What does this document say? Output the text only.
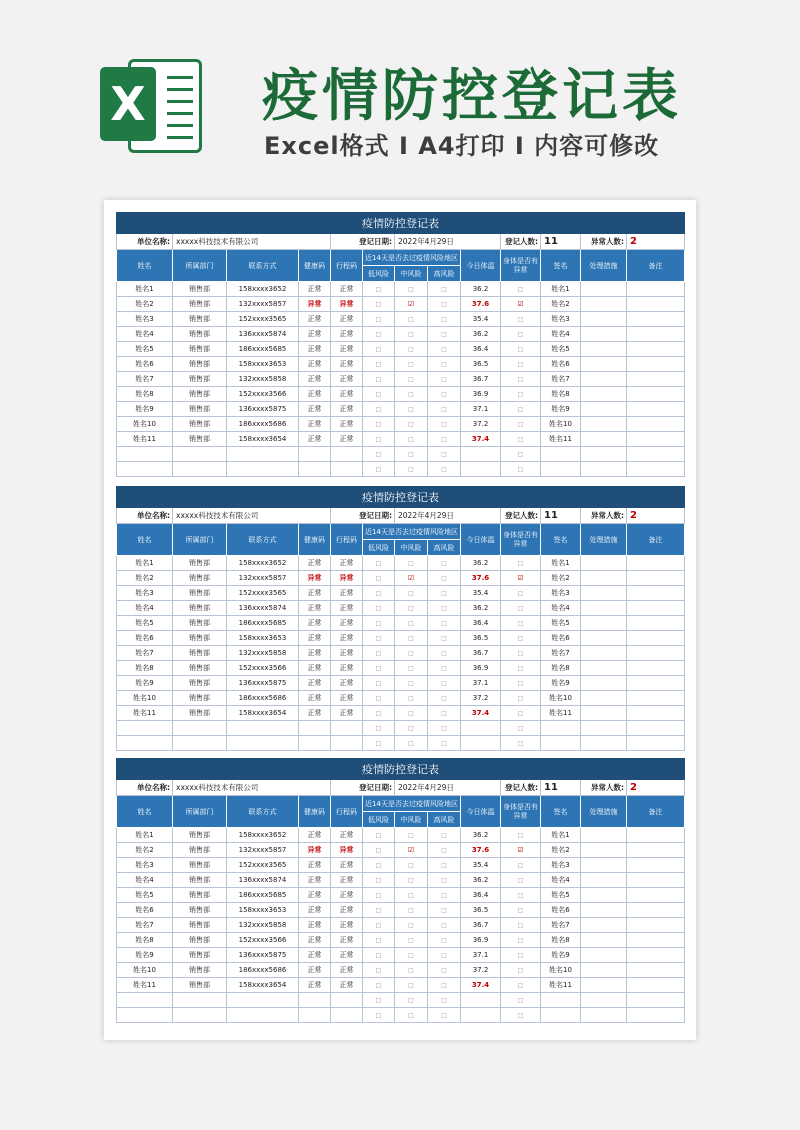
X 疫情防控登记表
Excel格式 Ⅰ A4打印 Ⅰ 内容可修改
疫情防控登记表												
单位名称:	xxxxx科技技术有限公司			登记日期:		2022年4月29日			登记人数:	11	异常人数:	2
姓名	所属部门	联系方式	健康码	行程码	近14天是否去过疫情风险地区			今日体温	身体是否有异常	签名	处理措施	备注
					低风险	中风险	高风险					
姓名1	销售部	158xxxx3652	正常	正常	□	□	□	36.2	□	姓名1		
姓名2	销售部	132xxxx5857	异常	异常	□	☑	□	37.6	☑	姓名2		
姓名3	销售部	152xxxx3565	正常	正常	□	□	□	35.4	□	姓名3		
姓名4	销售部	136xxxx5874	正常	正常	□	□	□	36.2	□	姓名4		
姓名5	销售部	186xxxx5685	正常	正常	□	□	□	36.4	□	姓名5		
姓名6	销售部	158xxxx3653	正常	正常	□	□	□	36.5	□	姓名6		
姓名7	销售部	132xxxx5858	正常	正常	□	□	□	36.7	□	姓名7		
姓名8	销售部	152xxxx3566	正常	正常	□	□	□	36.9	□	姓名8		
姓名9	销售部	136xxxx5875	正常	正常	□	□	□	37.1	□	姓名9		
姓名10	销售部	186xxxx5686	正常	正常	□	□	□	37.2	□	姓名10		
姓名11	销售部	158xxxx3654	正常	正常	□	□	□	37.4	□	姓名11		
					□	□	□		□			
					□	□	□		□			
疫情防控登记表												
单位名称:	xxxxx科技技术有限公司			登记日期:		2022年4月29日			登记人数:	11	异常人数:	2
姓名	所属部门	联系方式	健康码	行程码	近14天是否去过疫情风险地区			今日体温	身体是否有异常	签名	处理措施	备注
					低风险	中风险	高风险					
姓名1	销售部	158xxxx3652	正常	正常	□	□	□	36.2	□	姓名1		
姓名2	销售部	132xxxx5857	异常	异常	□	☑	□	37.6	☑	姓名2		
姓名3	销售部	152xxxx3565	正常	正常	□	□	□	35.4	□	姓名3		
姓名4	销售部	136xxxx5874	正常	正常	□	□	□	36.2	□	姓名4		
姓名5	销售部	186xxxx5685	正常	正常	□	□	□	36.4	□	姓名5		
姓名6	销售部	158xxxx3653	正常	正常	□	□	□	36.5	□	姓名6		
姓名7	销售部	132xxxx5858	正常	正常	□	□	□	36.7	□	姓名7		
姓名8	销售部	152xxxx3566	正常	正常	□	□	□	36.9	□	姓名8		
姓名9	销售部	136xxxx5875	正常	正常	□	□	□	37.1	□	姓名9		
姓名10	销售部	186xxxx5686	正常	正常	□	□	□	37.2	□	姓名10		
姓名11	销售部	158xxxx3654	正常	正常	□	□	□	37.4	□	姓名11		
					□	□	□		□			
					□	□	□		□			
疫情防控登记表												
单位名称:	xxxxx科技技术有限公司			登记日期:		2022年4月29日			登记人数:	11	异常人数:	2
姓名	所属部门	联系方式	健康码	行程码	近14天是否去过疫情风险地区			今日体温	身体是否有异常	签名	处理措施	备注
					低风险	中风险	高风险					
姓名1	销售部	158xxxx3652	正常	正常	□	□	□	36.2	□	姓名1		
姓名2	销售部	132xxxx5857	异常	异常	□	☑	□	37.6	☑	姓名2		
姓名3	销售部	152xxxx3565	正常	正常	□	□	□	35.4	□	姓名3		
姓名4	销售部	136xxxx5874	正常	正常	□	□	□	36.2	□	姓名4		
姓名5	销售部	186xxxx5685	正常	正常	□	□	□	36.4	□	姓名5		
姓名6	销售部	158xxxx3653	正常	正常	□	□	□	36.5	□	姓名6		
姓名7	销售部	132xxxx5858	正常	正常	□	□	□	36.7	□	姓名7		
姓名8	销售部	152xxxx3566	正常	正常	□	□	□	36.9	□	姓名8		
姓名9	销售部	136xxxx5875	正常	正常	□	□	□	37.1	□	姓名9		
姓名10	销售部	186xxxx5686	正常	正常	□	□	□	37.2	□	姓名10		
姓名11	销售部	158xxxx3654	正常	正常	□	□	□	37.4	□	姓名11		
					□	□	□		□			
					□	□	□		□			
